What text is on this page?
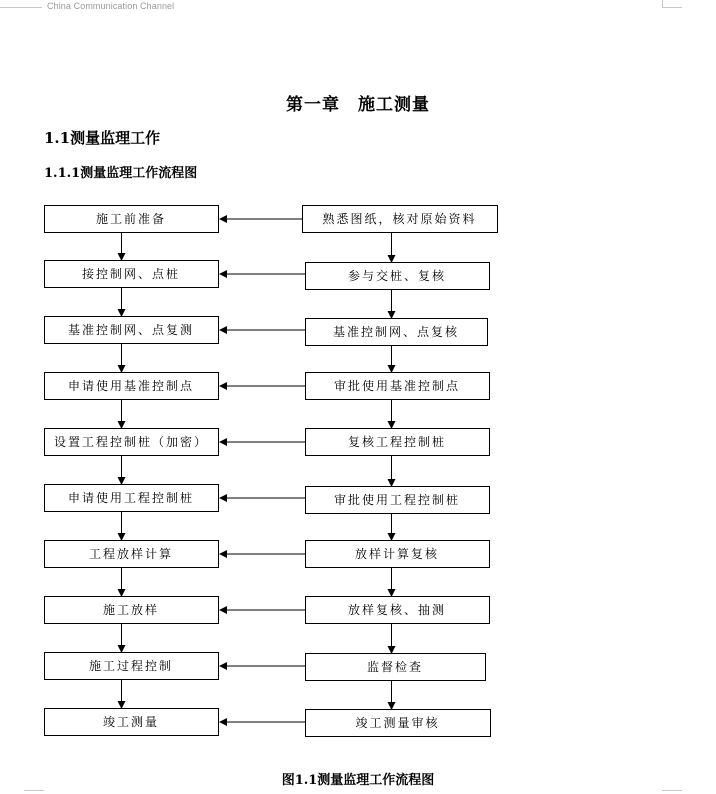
China Communication Channel
第一章　施工测量
1.1测量监理工作
1.1.1测量监理工作流程图
施工前准备	熟悉图纸，核对原始资料
接控制网、点桩	参与交桩、复核
基准控制网、点复测	基准控制网、点复核
申请使用基准控制点	审批使用基准控制点
设置工程控制桩（加密）	复核工程控制桩
申请使用工程控制桩	审批使用工程控制桩
工程放样计算	放样计算复核
施工放样	放样复核、抽测
施工过程控制	监督检查
竣工测量	竣工测量审核
图1.1测量监理工作流程图
